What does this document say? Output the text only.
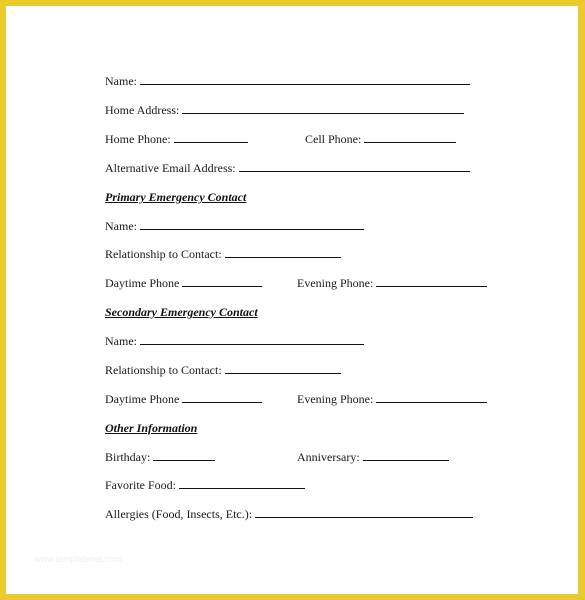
Name:
Home Address:
Home Phone:	Cell Phone:
Alternative Email Address:
Primary Emergency Contact
Name:
Relationship to Contact:
Daytime Phone	Evening Phone:
Secondary Emergency Contact
Name:
Relationship to Contact:
Daytime Phone	Evening Phone:
Other Information
Birthday:	Anniversary:
Favorite Food:
Allergies (Food, Insects, Etc.):
www.templatenet.com
